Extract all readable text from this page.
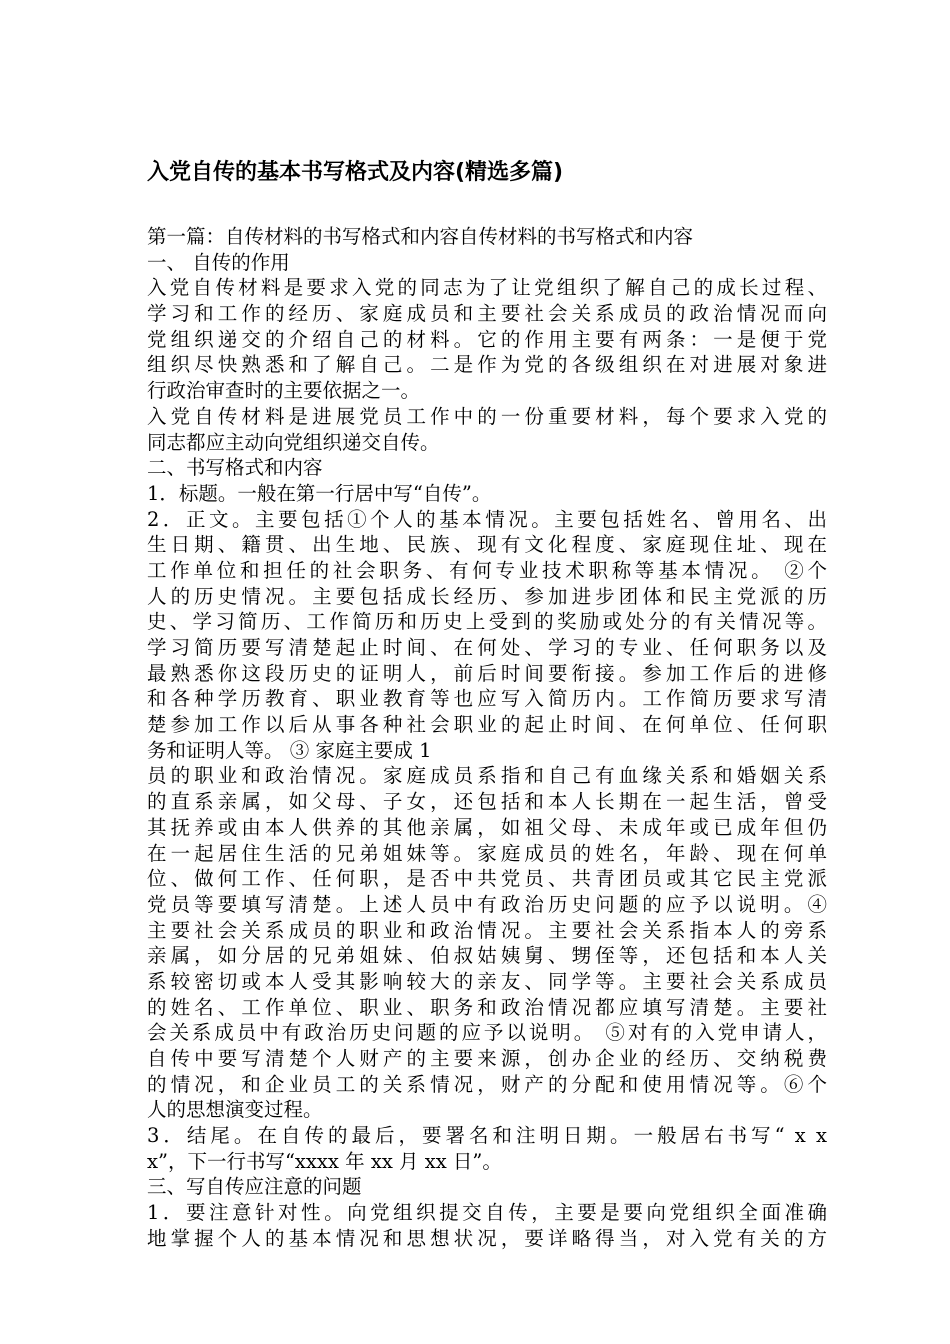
入党自传的基本书写格式及内容(精选多篇)
第一篇：自传材料的书写格式和内容自传材料的书写格式和内容
一、 自传的作用
入党自传材料是要求入党的同志为了让党组织了解自己的成长过程、
学习和工作的经历、家庭成员和主要社会关系成员的政治情况而向
党组织递交的介绍自己的材料。它的作用主要有两条：一是便于党
组织尽快熟悉和了解自己。二是作为党的各级组织在对进展对象进
行政治审查时的主要依据之一。
入党自传材料是进展党员工作中的一份重要材料，每个要求入党的
同志都应主动向党组织递交自传。
二、书写格式和内容
1．标题。一般在第一行居中写“自传”。
2．正文。主要包括①个人的基本情况。主要包括姓名、曾用名、出
生日期、籍贯、出生地、民族、现有文化程度、家庭现住址、现在
工作单位和担任的社会职务、有何专业技术职称等基本情况。 ②个
人的历史情况。主要包括成长经历、参加进步团体和民主党派的历
史、学习简历、工作简历和历史上受到的奖励或处分的有关情况等。
学习简历要写清楚起止时间、在何处、学习的专业、任何职务以及
最熟悉你这段历史的证明人，前后时间要衔接。参加工作后的进修
和各种学历教育、职业教育等也应写入简历内。工作简历要求写清
楚参加工作以后从事各种社会职业的起止时间、在何单位、任何职
务和证明人等。 ③ 家庭主要成 1
员的职业和政治情况。家庭成员系指和自己有血缘关系和婚姻关系
的直系亲属，如父母、子女，还包括和本人长期在一起生活，曾受
其抚养或由本人供养的其他亲属，如祖父母、未成年或已成年但仍
在一起居住生活的兄弟姐妹等。家庭成员的姓名，年龄、现在何单
位、做何工作、任何职，是否中共党员、共青团员或其它民主党派
党员等要填写清楚。上述人员中有政治历史问题的应予以说明。④
主要社会关系成员的职业和政治情况。主要社会关系指本人的旁系
亲属，如分居的兄弟姐妹、伯叔姑姨舅、甥侄等，还包括和本人关
系较密切或本人受其影响较大的亲友、同学等。主要社会关系成员
的姓名、工作单位、职业、职务和政治情况都应填写清楚。主要社
会关系成员中有政治历史问题的应予以说明。 ⑤对有的入党申请人，
自传中要写清楚个人财产的主要来源，创办企业的经历、交纳税费
的情况，和企业员工的关系情况，财产的分配和使用情况等。⑥个
人的思想演变过程。
3．结尾。在自传的最后，要署名和注明日期。一般居右书写“ x x
x”，下一行书写“xxxx 年 xx 月 xx 日”。
三、写自传应注意的问题
1．要注意针对性。向党组织提交自传，主要是要向党组织全面准确
地掌握个人的基本情况和思想状况，要详略得当，对入党有关的方
